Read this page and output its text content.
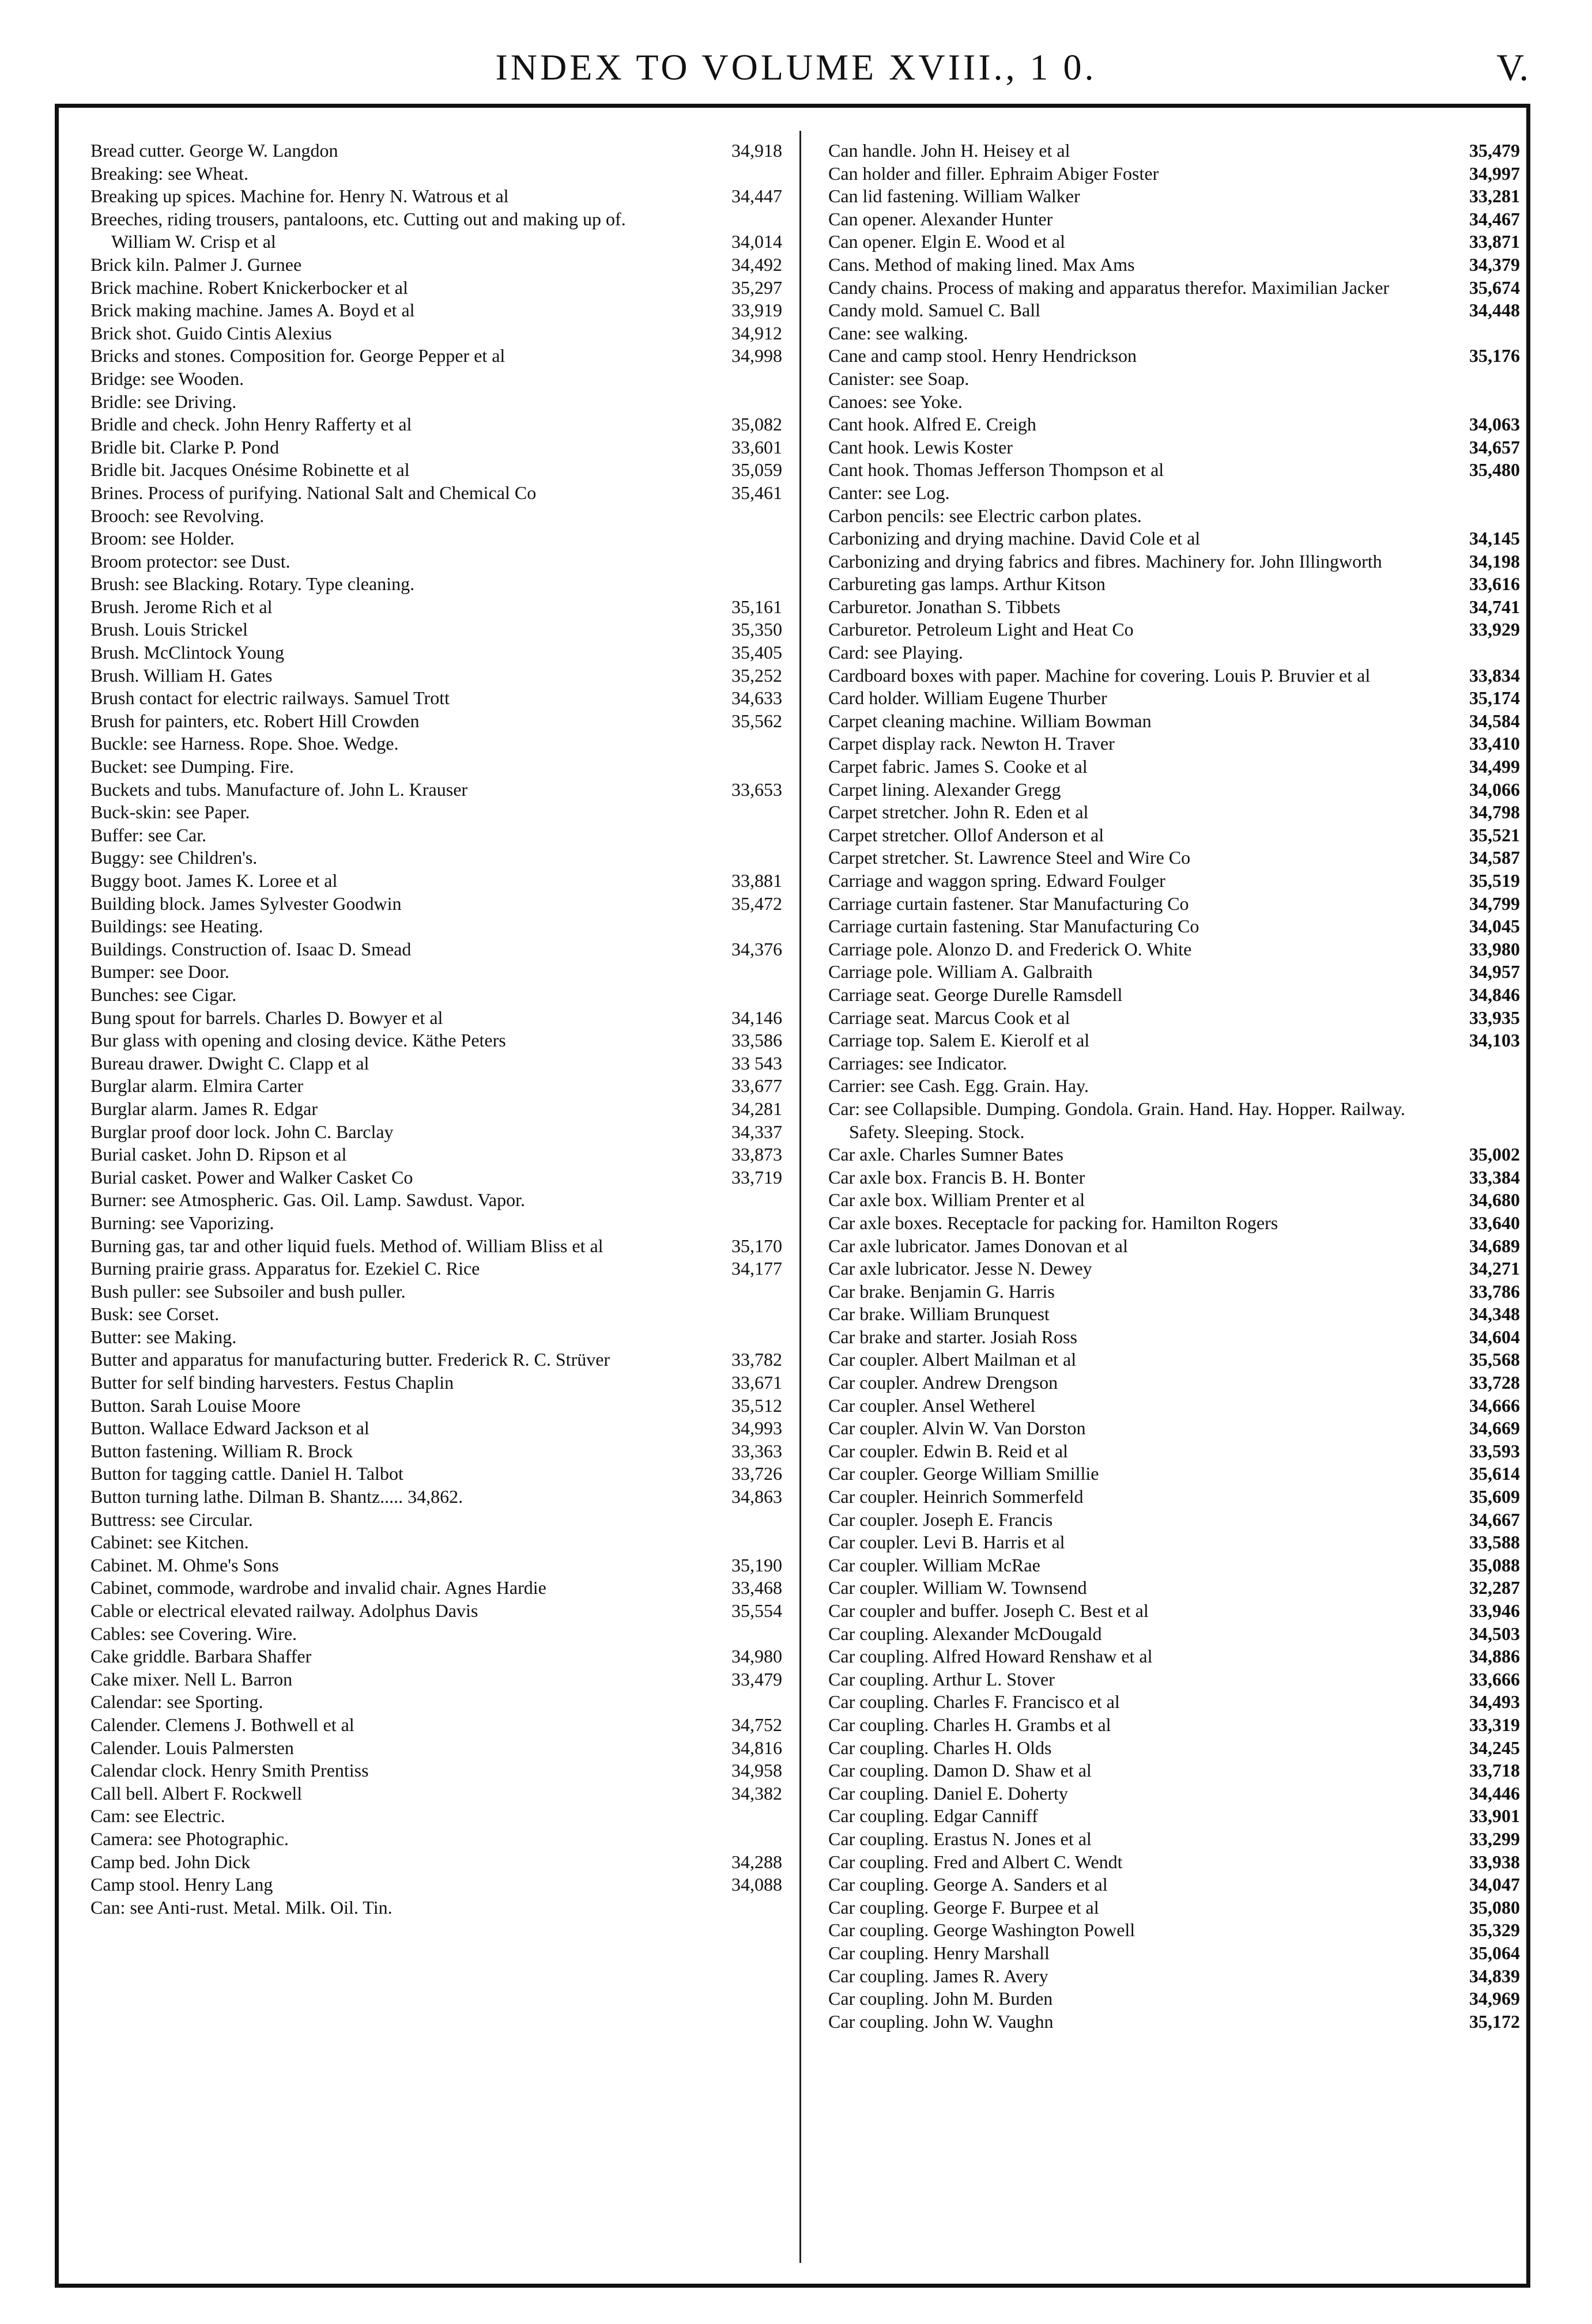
INDEX TO VOLUME XVIII., 1 0.	V.
Bread cutter. George W. Langdon	34,918
Breaking: see Wheat.
Breaking up spices. Machine for. Henry N. Watrous et al	34,447
Breeches, riding trousers, pantaloons, etc. Cutting out and making up of. William W. Crisp et al	34,014
Brick kiln. Palmer J. Gurnee	34,492
Brick machine. Robert Knickerbocker et al	35,297
Brick making machine. James A. Boyd et al	33,919
Brick shot. Guido Cintis Alexius	34,912
Bricks and stones. Composition for. George Pepper et al	34,998
Bridge: see Wooden.
Bridle: see Driving.
Bridle and check. John Henry Rafferty et al	35,082
Bridle bit. Clarke P. Pond	33,601
Bridle bit. Jacques Onésime Robinette et al	35,059
Brines. Process of purifying. National Salt and Chemical Co	35,461
Brooch: see Revolving.
Broom: see Holder.
Broom protector: see Dust.
Brush: see Blacking. Rotary. Type cleaning.
Brush. Jerome Rich et al	35,161
Brush. Louis Strickel	35,350
Brush. McClintock Young	35,405
Brush. William H. Gates	35,252
Brush contact for electric railways. Samuel Trott	34,633
Brush for painters, etc. Robert Hill Crowden	35,562
Buckle: see Harness. Rope. Shoe. Wedge.
Bucket: see Dumping. Fire.
Buckets and tubs. Manufacture of. John L. Krauser	33,653
Buck-skin: see Paper.
Buffer: see Car.
Buggy: see Children's.
Buggy boot. James K. Loree et al	33,881
Building block. James Sylvester Goodwin	35,472
Buildings: see Heating.
Buildings. Construction of. Isaac D. Smead	34,376
Bumper: see Door.
Bunches: see Cigar.
Bung spout for barrels. Charles D. Bowyer et al	34,146
Bur glass with opening and closing device. Käthe Peters	33,586
Bureau drawer. Dwight C. Clapp et al	33 543
Burglar alarm. Elmira Carter	33,677
Burglar alarm. James R. Edgar	34,281
Burglar proof door lock. John C. Barclay	34,337
Burial casket. John D. Ripson et al	33,873
Burial casket. Power and Walker Casket Co	33,719
Burner: see Atmospheric. Gas. Oil. Lamp. Sawdust. Vapor.
Burning: see Vaporizing.
Burning gas, tar and other liquid fuels. Method of. William Bliss et al	35,170
Burning prairie grass. Apparatus for. Ezekiel C. Rice	34,177
Bush puller: see Subsoiler and bush puller.
Busk: see Corset.
Butter: see Making.
Butter and apparatus for manufacturing butter. Frederick R. C. Strüver	33,782
Butter for self binding harvesters. Festus Chaplin	33,671
Button. Sarah Louise Moore	35,512
Button. Wallace Edward Jackson et al	34,993
Button fastening. William R. Brock	33,363
Button for tagging cattle. Daniel H. Talbot	33,726
Button turning lathe. Dilman B. Shantz..... 34,862.	34,863
Buttress: see Circular.
Cabinet: see Kitchen.
Cabinet. M. Ohme's Sons	35,190
Cabinet, commode, wardrobe and invalid chair. Agnes Hardie	33,468
Cable or electrical elevated railway. Adolphus Davis	35,554
Cables: see Covering. Wire.
Cake griddle. Barbara Shaffer	34,980
Cake mixer. Nell L. Barron	33,479
Calendar: see Sporting.
Calender. Clemens J. Bothwell et al	34,752
Calender. Louis Palmersten	34,816
Calendar clock. Henry Smith Prentiss	34,958
Call bell. Albert F. Rockwell	34,382
Cam: see Electric.
Camera: see Photographic.
Camp bed. John Dick	34,288
Camp stool. Henry Lang	34,088
Can: see Anti-rust. Metal. Milk. Oil. Tin.
Can handle. John H. Heisey et al	35,479
Can holder and filler. Ephraim Abiger Foster	34,997
Can lid fastening. William Walker	33,281
Can opener. Alexander Hunter	34,467
Can opener. Elgin E. Wood et al	33,871
Cans. Method of making lined. Max Ams	34,379
Candy chains. Process of making and apparatus therefor. Maximilian Jacker	35,674
Candy mold. Samuel C. Ball	34,448
Cane: see walking.
Cane and camp stool. Henry Hendrickson	35,176
Canister: see Soap.
Canoes: see Yoke.
Cant hook. Alfred E. Creigh	34,063
Cant hook. Lewis Koster	34,657
Cant hook. Thomas Jefferson Thompson et al	35,480
Canter: see Log.
Carbon pencils: see Electric carbon plates.
Carbonizing and drying machine. David Cole et al	34,145
Carbonizing and drying fabrics and fibres. Machinery for. John Illingworth	34,198
Carbureting gas lamps. Arthur Kitson	33,616
Carburetor. Jonathan S. Tibbets	34,741
Carburetor. Petroleum Light and Heat Co	33,929
Card: see Playing.
Cardboard boxes with paper. Machine for covering. Louis P. Bruvier et al	33,834
Card holder. William Eugene Thurber	35,174
Carpet cleaning machine. William Bowman	34,584
Carpet display rack. Newton H. Traver	33,410
Carpet fabric. James S. Cooke et al	34,499
Carpet lining. Alexander Gregg	34,066
Carpet stretcher. John R. Eden et al	34,798
Carpet stretcher. Ollof Anderson et al	35,521
Carpet stretcher. St. Lawrence Steel and Wire Co	34,587
Carriage and waggon spring. Edward Foulger	35,519
Carriage curtain fastener. Star Manufacturing Co	34,799
Carriage curtain fastening. Star Manufacturing Co	34,045
Carriage pole. Alonzo D. and Frederick O. White	33,980
Carriage pole. William A. Galbraith	34,957
Carriage seat. George Durelle Ramsdell	34,846
Carriage seat. Marcus Cook et al	33,935
Carriage top. Salem E. Kierolf et al	34,103
Carriages: see Indicator.
Carrier: see Cash. Egg. Grain. Hay.
Car: see Collapsible. Dumping. Gondola. Grain. Hand. Hay. Hopper. Railway. Safety. Sleeping. Stock.
Car axle. Charles Sumner Bates	35,002
Car axle box. Francis B. H. Bonter	33,384
Car axle box. William Prenter et al	34,680
Car axle boxes. Receptacle for packing for. Hamilton Rogers	33,640
Car axle lubricator. James Donovan et al	34,689
Car axle lubricator. Jesse N. Dewey	34,271
Car brake. Benjamin G. Harris	33,786
Car brake. William Brunquest	34,348
Car brake and starter. Josiah Ross	34,604
Car coupler. Albert Mailman et al	35,568
Car coupler. Andrew Drengson	33,728
Car coupler. Ansel Wetherel	34,666
Car coupler. Alvin W. Van Dorston	34,669
Car coupler. Edwin B. Reid et al	33,593
Car coupler. George William Smillie	35,614
Car coupler. Heinrich Sommerfeld	35,609
Car coupler. Joseph E. Francis	34,667
Car coupler. Levi B. Harris et al	33,588
Car coupler. William McRae	35,088
Car coupler. William W. Townsend	32,287
Car coupler and buffer. Joseph C. Best et al	33,946
Car coupling. Alexander McDougald	34,503
Car coupling. Alfred Howard Renshaw et al	34,886
Car coupling. Arthur L. Stover	33,666
Car coupling. Charles F. Francisco et al	34,493
Car coupling. Charles H. Grambs et al	33,319
Car coupling. Charles H. Olds	34,245
Car coupling. Damon D. Shaw et al	33,718
Car coupling. Daniel E. Doherty	34,446
Car coupling. Edgar Canniff	33,901
Car coupling. Erastus N. Jones et al	33,299
Car coupling. Fred and Albert C. Wendt	33,938
Car coupling. George A. Sanders et al	34,047
Car coupling. George F. Burpee et al	35,080
Car coupling. George Washington Powell	35,329
Car coupling. Henry Marshall	35,064
Car coupling. James R. Avery	34,839
Car coupling. John M. Burden	34,969
Car coupling. John W. Vaughn	35,172
